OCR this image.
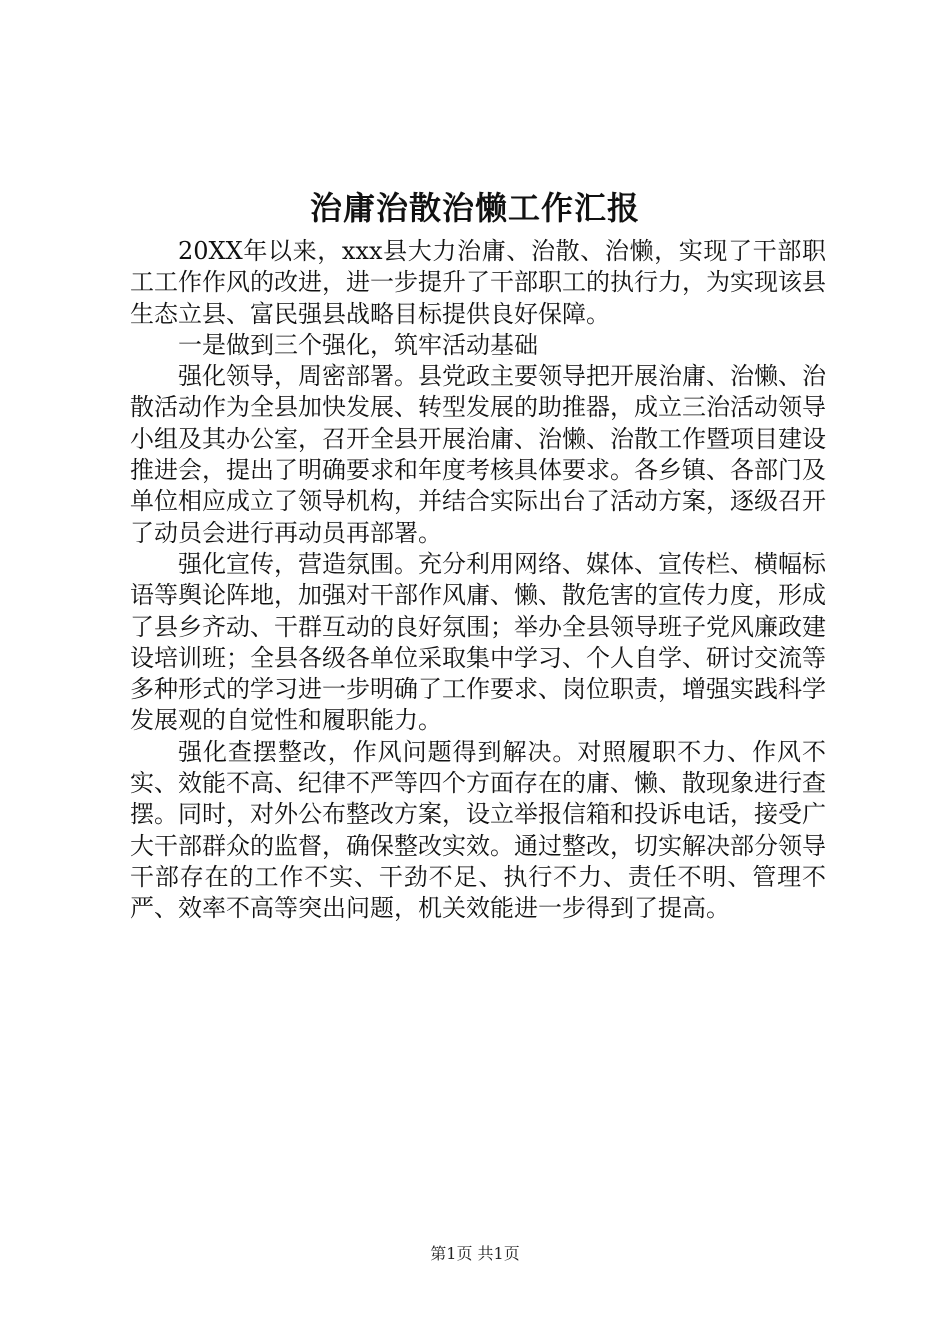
治庸治散治懒工作汇报

20XX年以来，xxx县大力治庸、治散、治懒，实现了干部职工工作作风的改进，进一步提升了干部职工的执行力，为实现该县生态立县、富民强县战略目标提供良好保障。

一是做到三个强化，筑牢活动基础

强化领导，周密部署。县党政主要领导把开展治庸、治懒、治散活动作为全县加快发展、转型发展的助推器，成立三治活动领导小组及其办公室，召开全县开展治庸、治懒、治散工作暨项目建设推进会，提出了明确要求和年度考核具体要求。各乡镇、各部门及单位相应成立了领导机构，并结合实际出台了活动方案，逐级召开了动员会进行再动员再部署。

强化宣传，营造氛围。充分利用网络、媒体、宣传栏、横幅标语等舆论阵地，加强对干部作风庸、懒、散危害的宣传力度，形成了县乡齐动、干群互动的良好氛围；举办全县领导班子党风廉政建设培训班；全县各级各单位采取集中学习、个人自学、研讨交流等多种形式的学习进一步明确了工作要求、岗位职责，增强实践科学发展观的自觉性和履职能力。

强化查摆整改，作风问题得到解决。对照履职不力、作风不实、效能不高、纪律不严等四个方面存在的庸、懒、散现象进行查摆。同时，对外公布整改方案，设立举报信箱和投诉电话，接受广大干部群众的监督，确保整改实效。通过整改，切实解决部分领导干部存在的工作不实、干劲不足、执行不力、责任不明、管理不严、效率不高等突出问题，机关效能进一步得到了提高。

第1页 共1页
